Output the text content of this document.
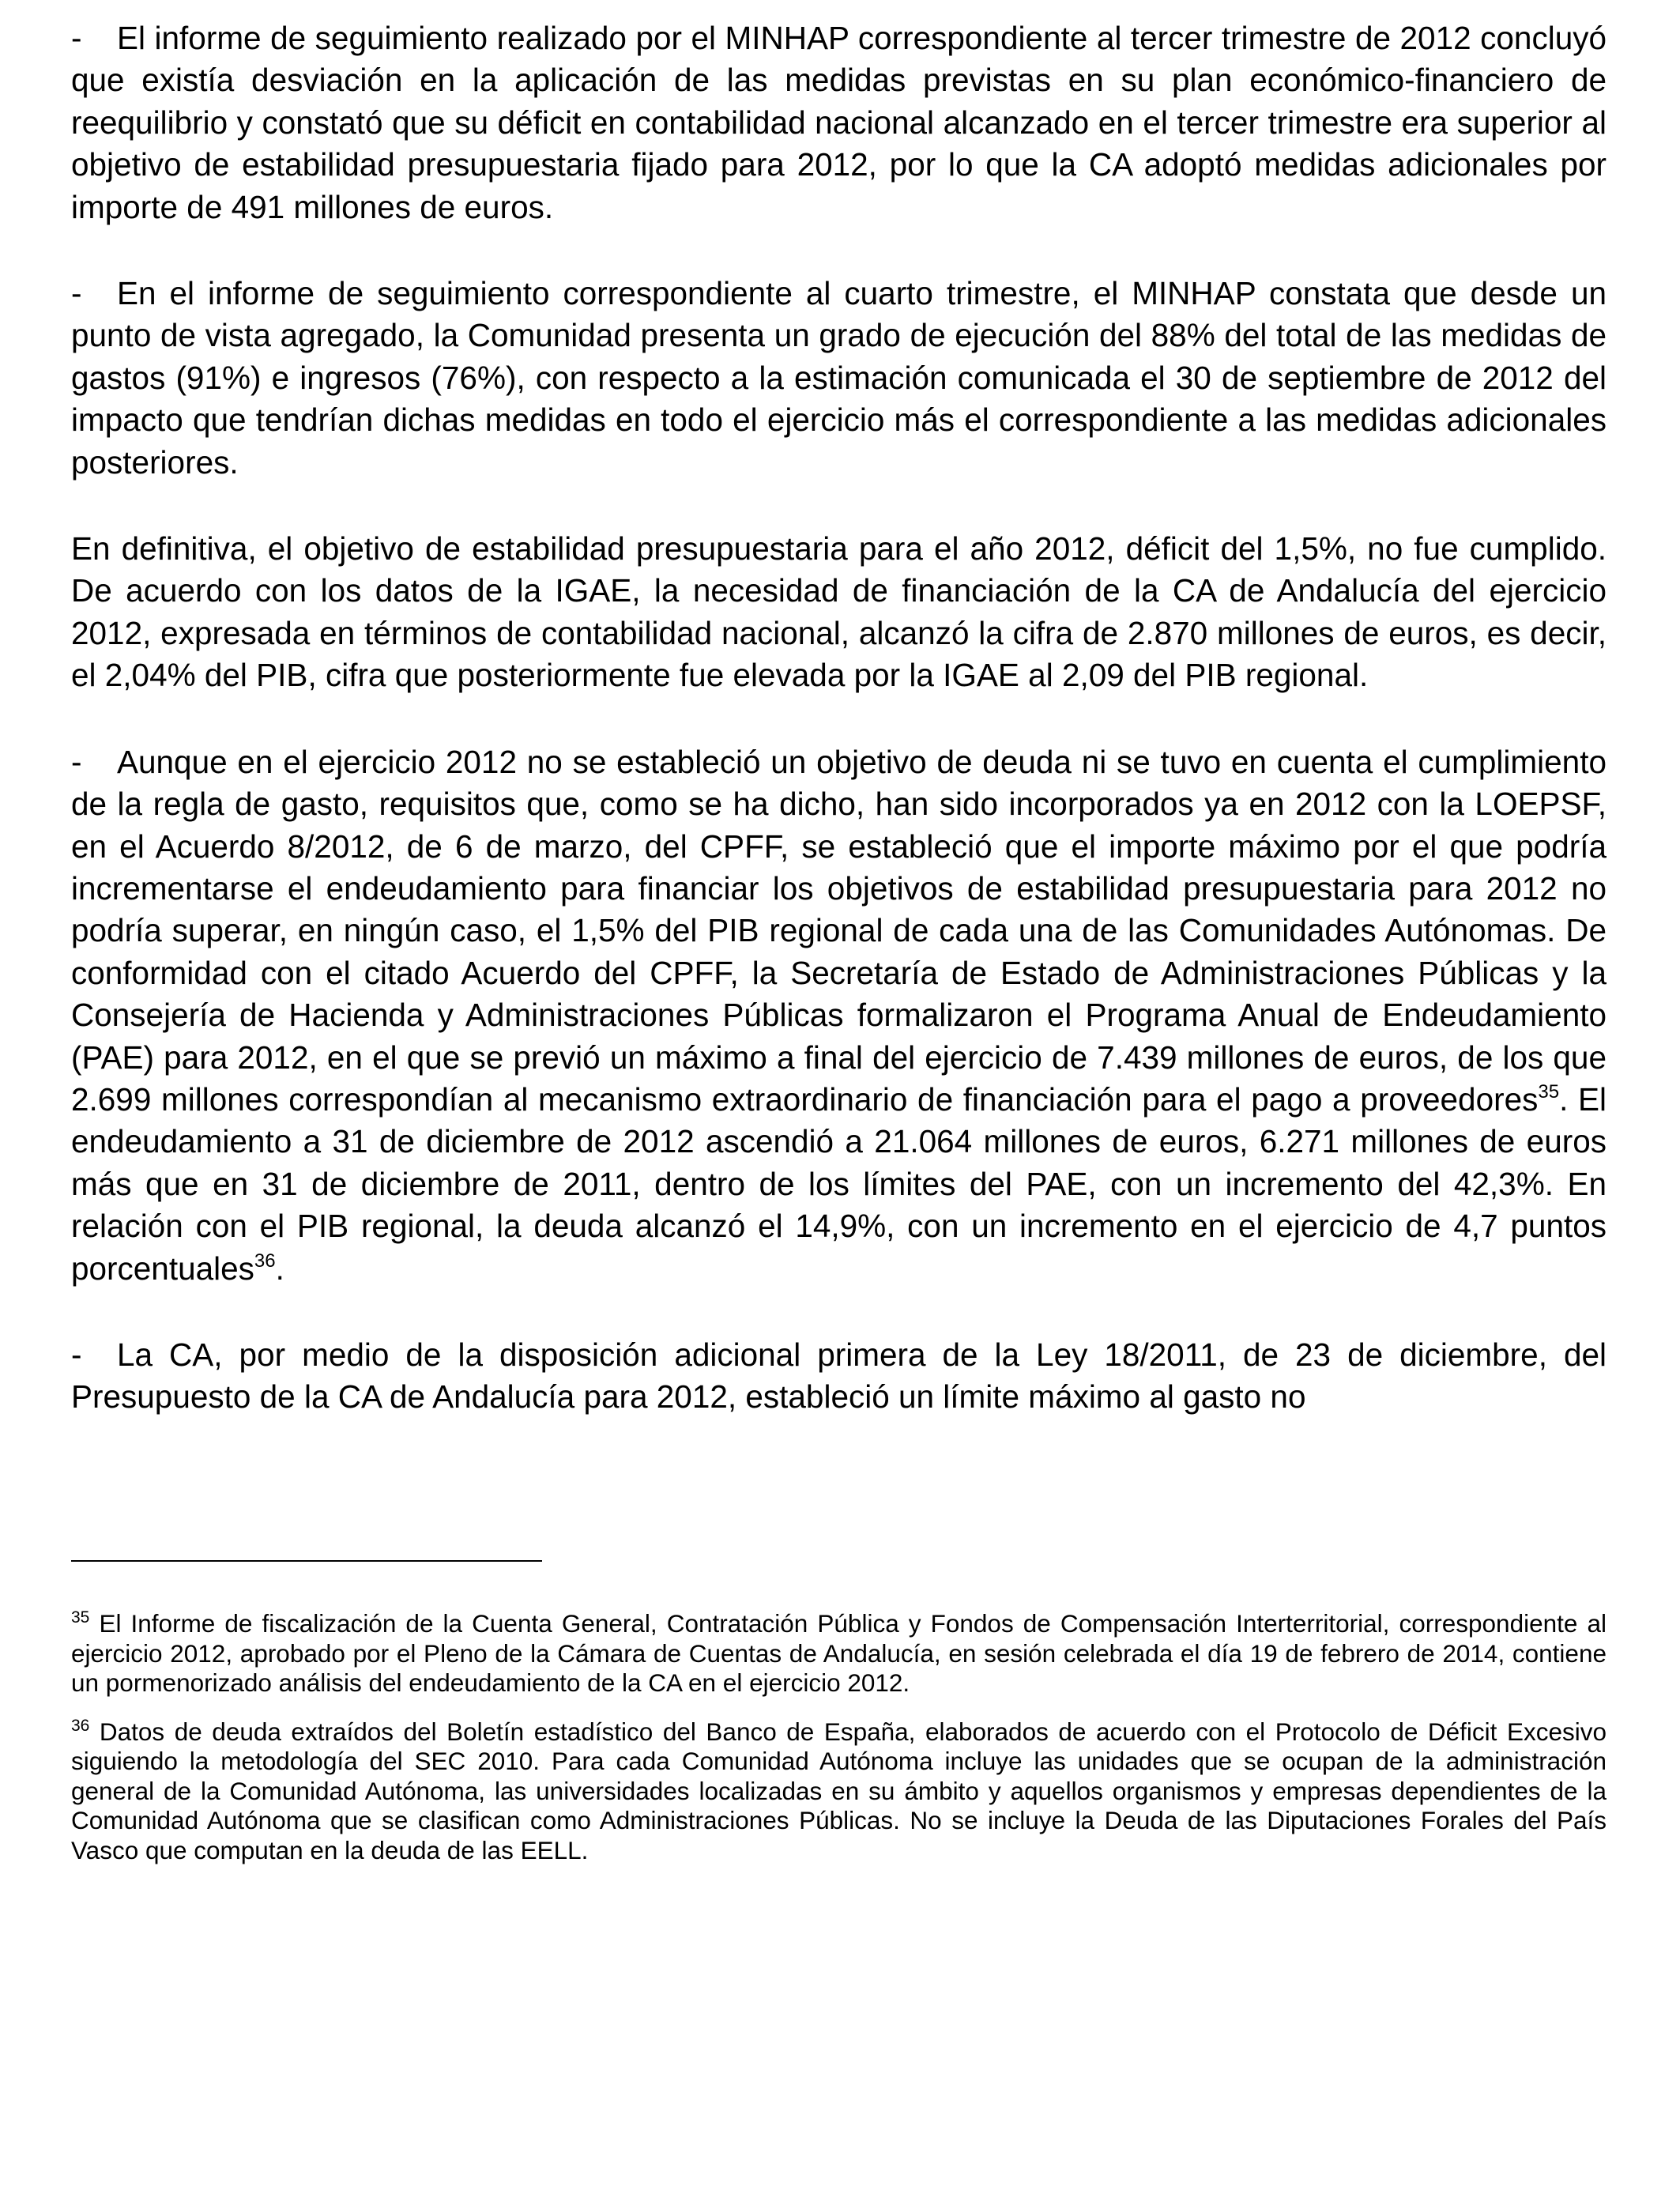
- El informe de seguimiento realizado por el MINHAP correspondiente al tercer trimestre de 2012 concluyó que existía desviación en la aplicación de las medidas previstas en su plan económico-financiero de reequilibrio y constató que su déficit en contabilidad nacional alcanzado en el tercer trimestre era superior al objetivo de estabilidad presupuestaria fijado para 2012, por lo que la CA adoptó medidas adicionales por importe de 491 millones de euros.

- En el informe de seguimiento correspondiente al cuarto trimestre, el MINHAP constata que desde un punto de vista agregado, la Comunidad presenta un grado de ejecución del 88% del total de las medidas de gastos (91%) e ingresos (76%), con respecto a la estimación comunicada el 30 de septiembre de 2012 del impacto que tendrían dichas medidas en todo el ejercicio más el correspondiente a las medidas adicionales posteriores.

En definitiva, el objetivo de estabilidad presupuestaria para el año 2012, déficit del 1,5%, no fue cumplido. De acuerdo con los datos de la IGAE, la necesidad de financiación de la CA de Andalucía del ejercicio 2012, expresada en términos de contabilidad nacional, alcanzó la cifra de 2.870 millones de euros, es decir, el 2,04% del PIB, cifra que posteriormente fue elevada por la IGAE al 2,09 del PIB regional.

- Aunque en el ejercicio 2012 no se estableció un objetivo de deuda ni se tuvo en cuenta el cumplimiento de la regla de gasto, requisitos que, como se ha dicho, han sido incorporados ya en 2012 con la LOEPSF, en el Acuerdo 8/2012, de 6 de marzo, del CPFF, se estableció que el importe máximo por el que podría incrementarse el endeudamiento para financiar los objetivos de estabilidad presupuestaria para 2012 no podría superar, en ningún caso, el 1,5% del PIB regional de cada una de las Comunidades Autónomas. De conformidad con el citado Acuerdo del CPFF, la Secretaría de Estado de Administraciones Públicas y la Consejería de Hacienda y Administraciones Públicas formalizaron el Programa Anual de Endeudamiento (PAE) para 2012, en el que se previó un máximo a final del ejercicio de 7.439 millones de euros, de los que 2.699 millones correspondían al mecanismo extraordinario de financiación para el pago a proveedores$^{35}$. El endeudamiento a 31 de diciembre de 2012 ascendió a 21.064 millones de euros, 6.271 millones de euros más que en 31 de diciembre de 2011, dentro de los límites del PAE, con un incremento del 42,3%. En relación con el PIB regional, la deuda alcanzó el 14,9%, con un incremento en el ejercicio de 4,7 puntos porcentuales$^{36}$.

- La CA, por medio de la disposición adicional primera de la Ley 18/2011, de 23 de diciembre, del Presupuesto de la CA de Andalucía para 2012, estableció un límite máximo al gasto no

$^{35}$ El Informe de fiscalización de la Cuenta General, Contratación Pública y Fondos de Compensación Interterritorial, correspondiente al ejercicio 2012, aprobado por el Pleno de la Cámara de Cuentas de Andalucía, en sesión celebrada el día 19 de febrero de 2014, contiene un pormenorizado análisis del endeudamiento de la CA en el ejercicio 2012.

$^{36}$ Datos de deuda extraídos del Boletín estadístico del Banco de España, elaborados de acuerdo con el Protocolo de Déficit Excesivo siguiendo la metodología del SEC 2010. Para cada Comunidad Autónoma incluye las unidades que se ocupan de la administración general de la Comunidad Autónoma, las universidades localizadas en su ámbito y aquellos organismos y empresas dependientes de la Comunidad Autónoma que se clasifican como Administraciones Públicas. No se incluye la Deuda de las Diputaciones Forales del País Vasco que computan en la deuda de las EELL.
